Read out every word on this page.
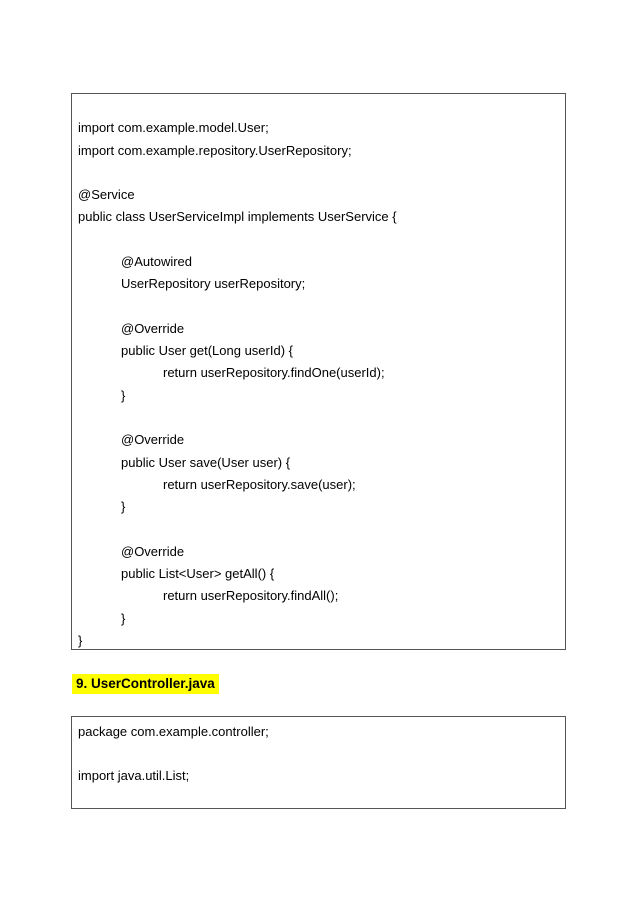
import com.example.model.User;
import com.example.repository.UserRepository;
@Service
public class UserServiceImpl implements UserService {
@Autowired
UserRepository userRepository;
@Override
public User get(Long userId) {
return userRepository.findOne(userId);
}
@Override
public User save(User user) {
return userRepository.save(user);
}
@Override
public List<User> getAll() {
return userRepository.findAll();
}
}
9. UserController.java
package com.example.controller;
import java.util.List;
